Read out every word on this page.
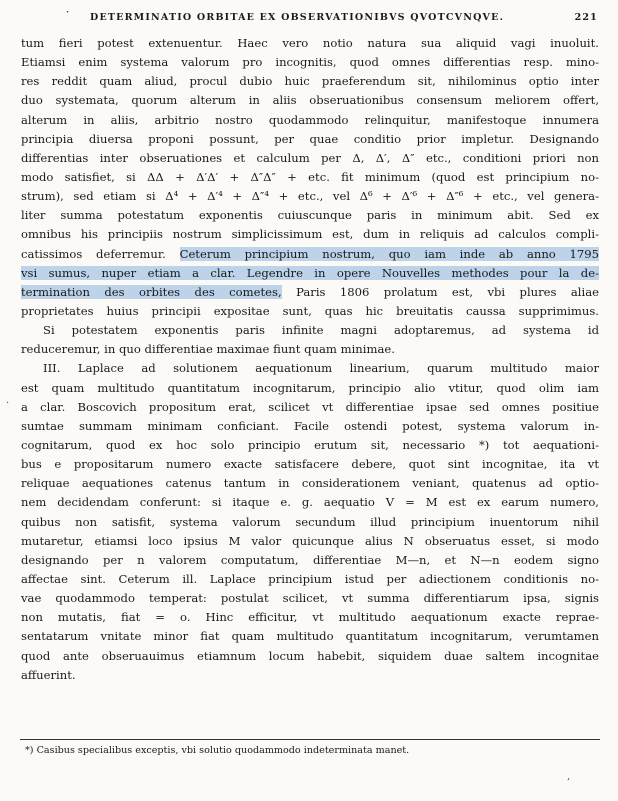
˙ DETERMINATIO ORBITAE EX OBSERVATIONIBVS QVOTCVNQVE.	221
tum fieri potest extenuentur. Haec vero notio natura sua aliquid vagi inuoluit.
Etiamsi enim systema valorum pro incognitis, quod omnes differentias resp. mino-
res reddit quam aliud, procul dubio huic praeferendum sit, nihilominus optio inter
duo systemata, quorum alterum in aliis obseruationibus consensum meliorem offert,
alterum in aliis, arbitrio nostro quodammodo relinquitur, manifestoque innumera
principia diuersa proponi possunt, per quae conditio prior impletur. Designando
differentias inter obseruationes et calculum per Δ, Δ′, Δ″ etc., conditioni priori non
modo satisfiet, si ΔΔ + Δ′Δ′ + Δ″Δ″ + etc. fit minimum (quod est principium no-
strum), sed etiam si Δ⁴ + Δ′⁴ + Δ″⁴ + etc., vel Δ⁶ + Δ′⁶ + Δ″⁶ + etc., vel genera-
liter summa potestatum exponentis cuiuscunque paris in minimum abit. Sed ex
omnibus his principiis nostrum simplicissimum est, dum in reliquis ad calculos compli-
catissimos deferremur. Ceterum principium nostrum, quo iam inde ab anno 1795
vsi sumus, nuper etiam a clar. Legendre in opere Nouvelles methodes pour la de-
termination des orbites des cometes, Paris 1806 prolatum est, vbi plures aliae
proprietates huius principii expositae sunt, quas hic breuitatis caussa supprimimus.
Si potestatem exponentis paris infinite magni adoptaremus, ad systema id
reduceremur, in quo differentiae maximae fiunt quam minimae.
III. Laplace ad solutionem aequationum linearium, quarum multitudo maior
est quam multitudo quantitatum incognitarum, principio alio vtitur, quod olim iam
a clar. Boscovich propositum erat, scilicet vt differentiae ipsae sed omnes positiue
sumtae summam minimam conficiant. Facile ostendi potest, systema valorum in-
cognitarum, quod ex hoc solo principio erutum sit, necessario *) tot aequationi-
bus e propositarum numero exacte satisfacere debere, quot sint incognitae, ita vt
reliquae aequationes catenus tantum in considerationem veniant, quatenus ad optio-
nem decidendam conferunt: si itaque e. g. aequatio V = M est ex earum numero,
quibus non satisfit, systema valorum secundum illud principium inuentorum nihil
mutaretur, etiamsi loco ipsius M valor quicunque alius N obseruatus esset, si modo
designando per n valorem computatum, differentiae M—n, et N—n eodem signo
affectae sint. Ceterum ill. Laplace principium istud per adiectionem conditionis no-
vae quodammodo temperat: postulat scilicet, vt summa differentiarum ipsa, signis
non mutatis, fiat = o. Hinc efficitur, vt multitudo aequationum exacte reprae-
sentatarum vnitate minor fiat quam multitudo quantitatum incognitarum, verumtamen
quod ante obseruauimus etiamnum locum habebit, siquidem duae saltem incognitae
affuerint.
*) Casibus specialibus exceptis, vbi solutio quodammodo indeterminata manet.
·
,
